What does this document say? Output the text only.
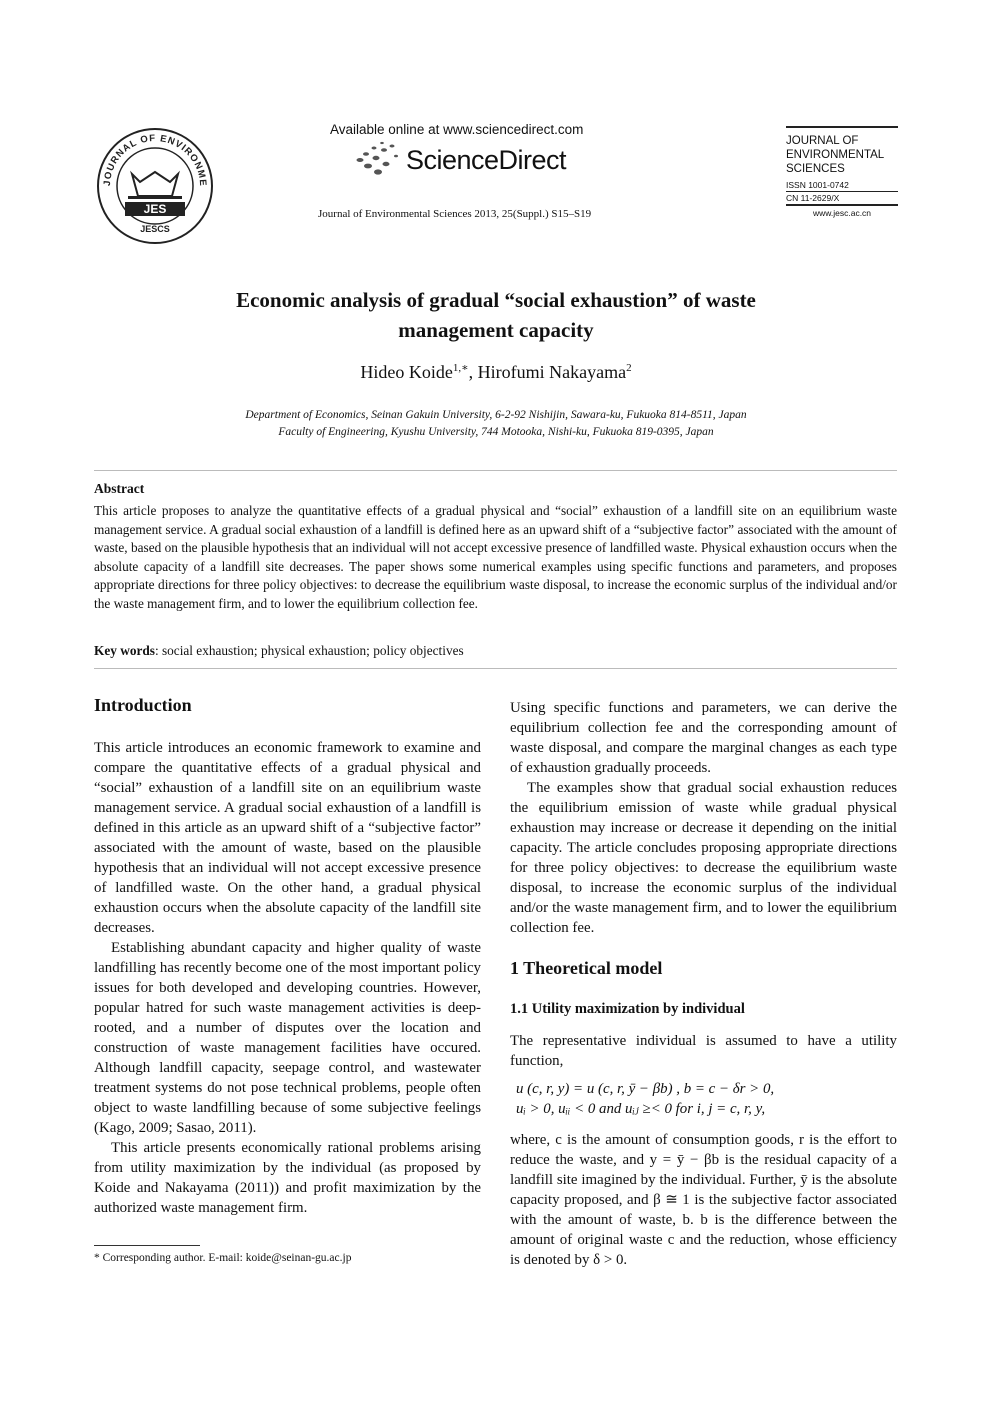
JOURNAL OF ENVIRONME
JES
JESCS
Available online at www.sciencedirect.com
ScienceDirect
Journal of Environmental Sciences 2013, 25(Suppl.) S15–S19
JOURNAL OF
ENVIRONMENTAL
SCIENCES
ISSN 1001-0742
CN 11-2629/X
www.jesc.ac.cn
Economic analysis of gradual “social exhaustion” of waste
management capacity
Hideo Koide$^{1,∗}$, Hirofumi Nakayama$^2$
Department of Economics, Seinan Gakuin University, 6-2-92 Nishijin, Sawara-ku, Fukuoka 814-8511, Japan
Faculty of Engineering, Kyushu University, 744 Motooka, Nishi-ku, Fukuoka 819-0395, Japan
Abstract
This article proposes to analyze the quantitative effects of a gradual physical and “social” exhaustion of a landfill site on an equilibrium waste management service. A gradual social exhaustion of a landfill is defined here as an upward shift of a “subjective factor” associated with the amount of waste, based on the plausible hypothesis that an individual will not accept excessive presence of landfilled waste. Physical exhaustion occurs when the absolute capacity of a landfill site decreases. The paper shows some numerical examples using specific functions and parameters, and proposes appropriate directions for three policy objectives: to decrease the equilibrium waste disposal, to increase the economic surplus of the individual and/or the waste management firm, and to lower the equilibrium collection fee.
Key words: social exhaustion; physical exhaustion; policy objectives
Introduction

This article introduces an economic framework to examine and compare the quantitative effects of a gradual physical and “social” exhaustion of a landfill site on an equilibrium waste management service. A gradual social exhaustion of a landfill is defined in this article as an upward shift of a “subjective factor” associated with the amount of waste, based on the plausible hypothesis that an individual will not accept excessive presence of landfilled waste. On the other hand, a gradual physical exhaustion occurs when the absolute capacity of the landfill site decreases.

Establishing abundant capacity and higher quality of waste landfilling has recently become one of the most important policy issues for both developed and developing countries. However, popular hatred for such waste management activities is deep-rooted, and a number of disputes over the location and construction of waste management facilities have occured. Although landfill capacity, seepage control, and wastewater treatment systems do not pose technical problems, people often object to waste landfilling because of some subjective feelings (Kago, 2009; Sasao, 2011).

This article presents economically rational problems arising from utility maximization by the individual (as proposed by Koide and Nakayama (2011)) and profit maximization by the authorized waste management firm.

Using specific functions and parameters, we can derive the equilibrium collection fee and the corresponding amount of waste disposal, and compare the marginal changes as each type of exhaustion gradually proceeds.

The examples show that gradual social exhaustion reduces the equilibrium emission of waste while gradual physical exhaustion may increase or decrease it depending on the initial capacity. The article concludes proposing appropriate directions for three policy objectives: to decrease the equilibrium waste disposal, to increase the economic surplus of the individual and/or the waste management firm, and to lower the equilibrium collection fee.

1 Theoretical model
1.1 Utility maximization by individual
The representative individual is assumed to have a utility function,
u (c, r, y) = u (c, r, ȳ − βb) , b = c − δr > 0,
uᵢ > 0, uᵢᵢ < 0 and uᵢⱼ ≥< 0 for i, j = c, r, y,
where, c is the amount of consumption goods, r is the effort to reduce the waste, and y = ȳ − βb is the residual capacity of a landfill site imagined by the individual. Further, ȳ is the absolute capacity proposed, and β ≅ 1 is the subjective factor associated with the amount of waste, b. b is the difference between the amount of original waste c and the reduction, whose efficiency is denoted by δ > 0.
* Corresponding author. E-mail: koide@seinan-gu.ac.jp
